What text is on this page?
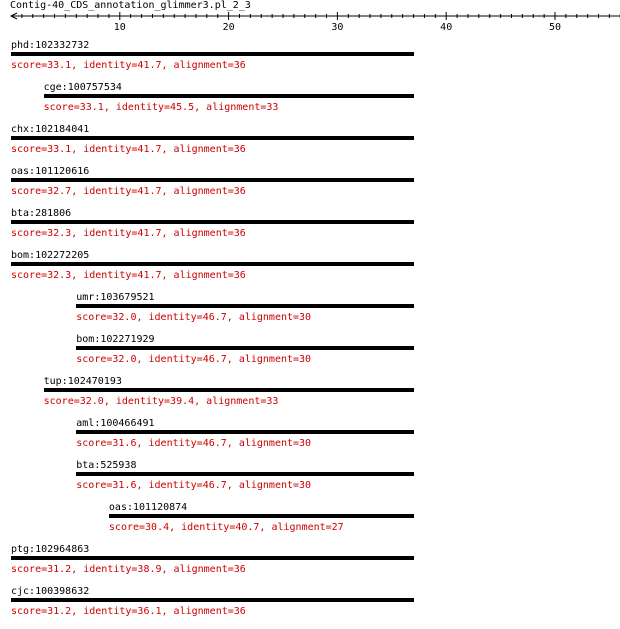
Contig-40_CDS_annotation_glimmer3.pl_2_3
10	20	30	40	50
phd:102332732
score=33.1, identity=41.7, alignment=36
cge:100757534
score=33.1, identity=45.5, alignment=33
chx:102184041
score=33.1, identity=41.7, alignment=36
oas:101120616
score=32.7, identity=41.7, alignment=36
bta:281806
score=32.3, identity=41.7, alignment=36
bom:102272205
score=32.3, identity=41.7, alignment=36
umr:103679521
score=32.0, identity=46.7, alignment=30
bom:102271929
score=32.0, identity=46.7, alignment=30
tup:102470193
score=32.0, identity=39.4, alignment=33
aml:100466491
score=31.6, identity=46.7, alignment=30
bta:525938
score=31.6, identity=46.7, alignment=30
oas:101120874
score=30.4, identity=40.7, alignment=27
ptg:102964863
score=31.2, identity=38.9, alignment=36
cjc:100398632
score=31.2, identity=36.1, alignment=36
